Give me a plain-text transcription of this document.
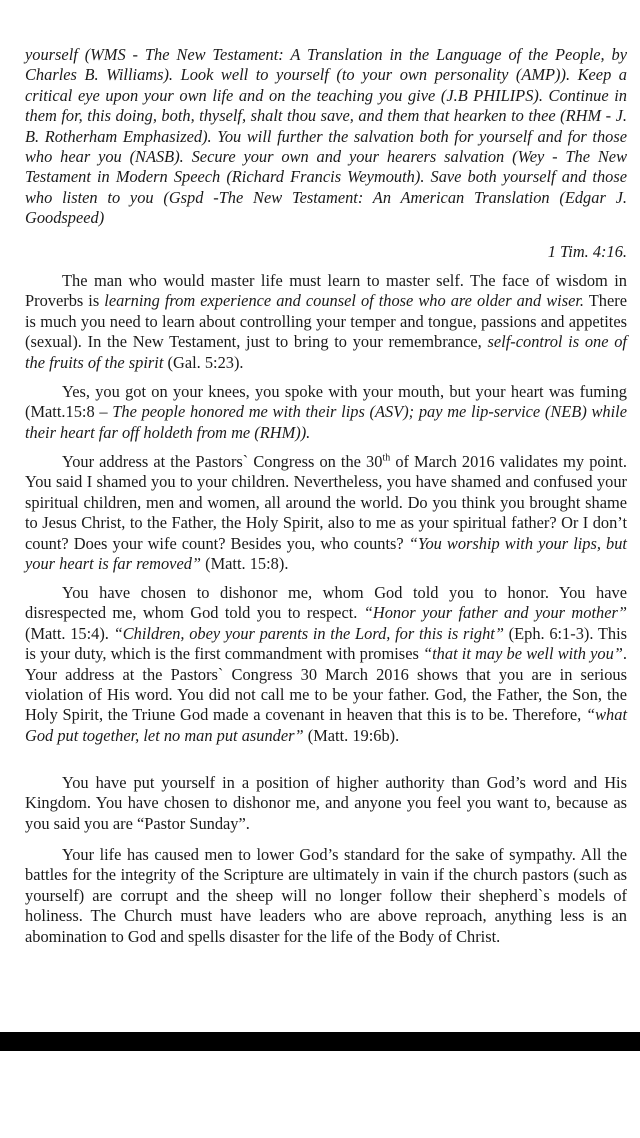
yourself (WMS - The New Testament: A Translation in the Language of the People, by Charles B. Williams). Look well to yourself (to your own personality (AMP)). Keep a critical eye upon your own life and on the teaching you give (J.B PHILIPS). Continue in them for, this doing, both, thyself, shalt thou save, and them that hearken to thee (RHM - J. B. Rotherham Emphasized). You will further the salvation both for yourself and for those who hear you (NASB). Secure your own and your hearers salvation (Wey - The New Testament in Modern Speech (Richard Francis Weymouth). Save both yourself and those who listen to you (Gspd -The New Testament: An American Translation (Edgar J. Goodspeed)

1 Tim. 4:16.

The man who would master life must learn to master self. The face of wisdom in Proverbs is learning from experience and counsel of those who are older and wiser. There is much you need to learn about controlling your temper and tongue, passions and appetites (sexual). In the New Testament, just to bring to your remembrance, self-control is one of the fruits of the spirit (Gal. 5:23).

Yes, you got on your knees, you spoke with your mouth, but your heart was fuming (Matt.15:8 – The people honored me with their lips (ASV); pay me lip-service (NEB) while their heart far off holdeth from me (RHM)).

Your address at the Pastors` Congress on the 30th of March 2016 validates my point. You said I shamed you to your children. Nevertheless, you have shamed and confused your spiritual children, men and women, all around the world. Do you think you brought shame to Jesus Christ, to the Father, the Holy Spirit, also to me as your spiritual father? Or I don’t count? Does your wife count? Besides you, who counts? “You worship with your lips, but your heart is far removed” (Matt. 15:8).

You have chosen to dishonor me, whom God told you to honor. You have disrespected me, whom God told you to respect. “Honor your father and your mother” (Matt. 15:4). “Children, obey your parents in the Lord, for this is right” (Eph. 6:1-3). This is your duty, which is the first commandment with promises “that it may be well with you”. Your address at the Pastors` Congress 30 March 2016 shows that you are in serious violation of His word. You did not call me to be your father. God, the Father, the Son, the Holy Spirit, the Triune God made a covenant in heaven that this is to be. Therefore, “what God put together, let no man put asunder” (Matt. 19:6b).

You have put yourself in a position of higher authority than God’s word and His Kingdom. You have chosen to dishonor me, and anyone you feel you want to, because as you said you are “Pastor Sunday”.

Your life has caused men to lower God’s standard for the sake of sympathy. All the battles for the integrity of the Scripture are ultimately in vain if the church pastors (such as yourself) are corrupt and the sheep will no longer follow their shepherd`s models of holiness. The Church must have leaders who are above reproach, anything less is an abomination to God and spells disaster for the life of the Body of Christ.
